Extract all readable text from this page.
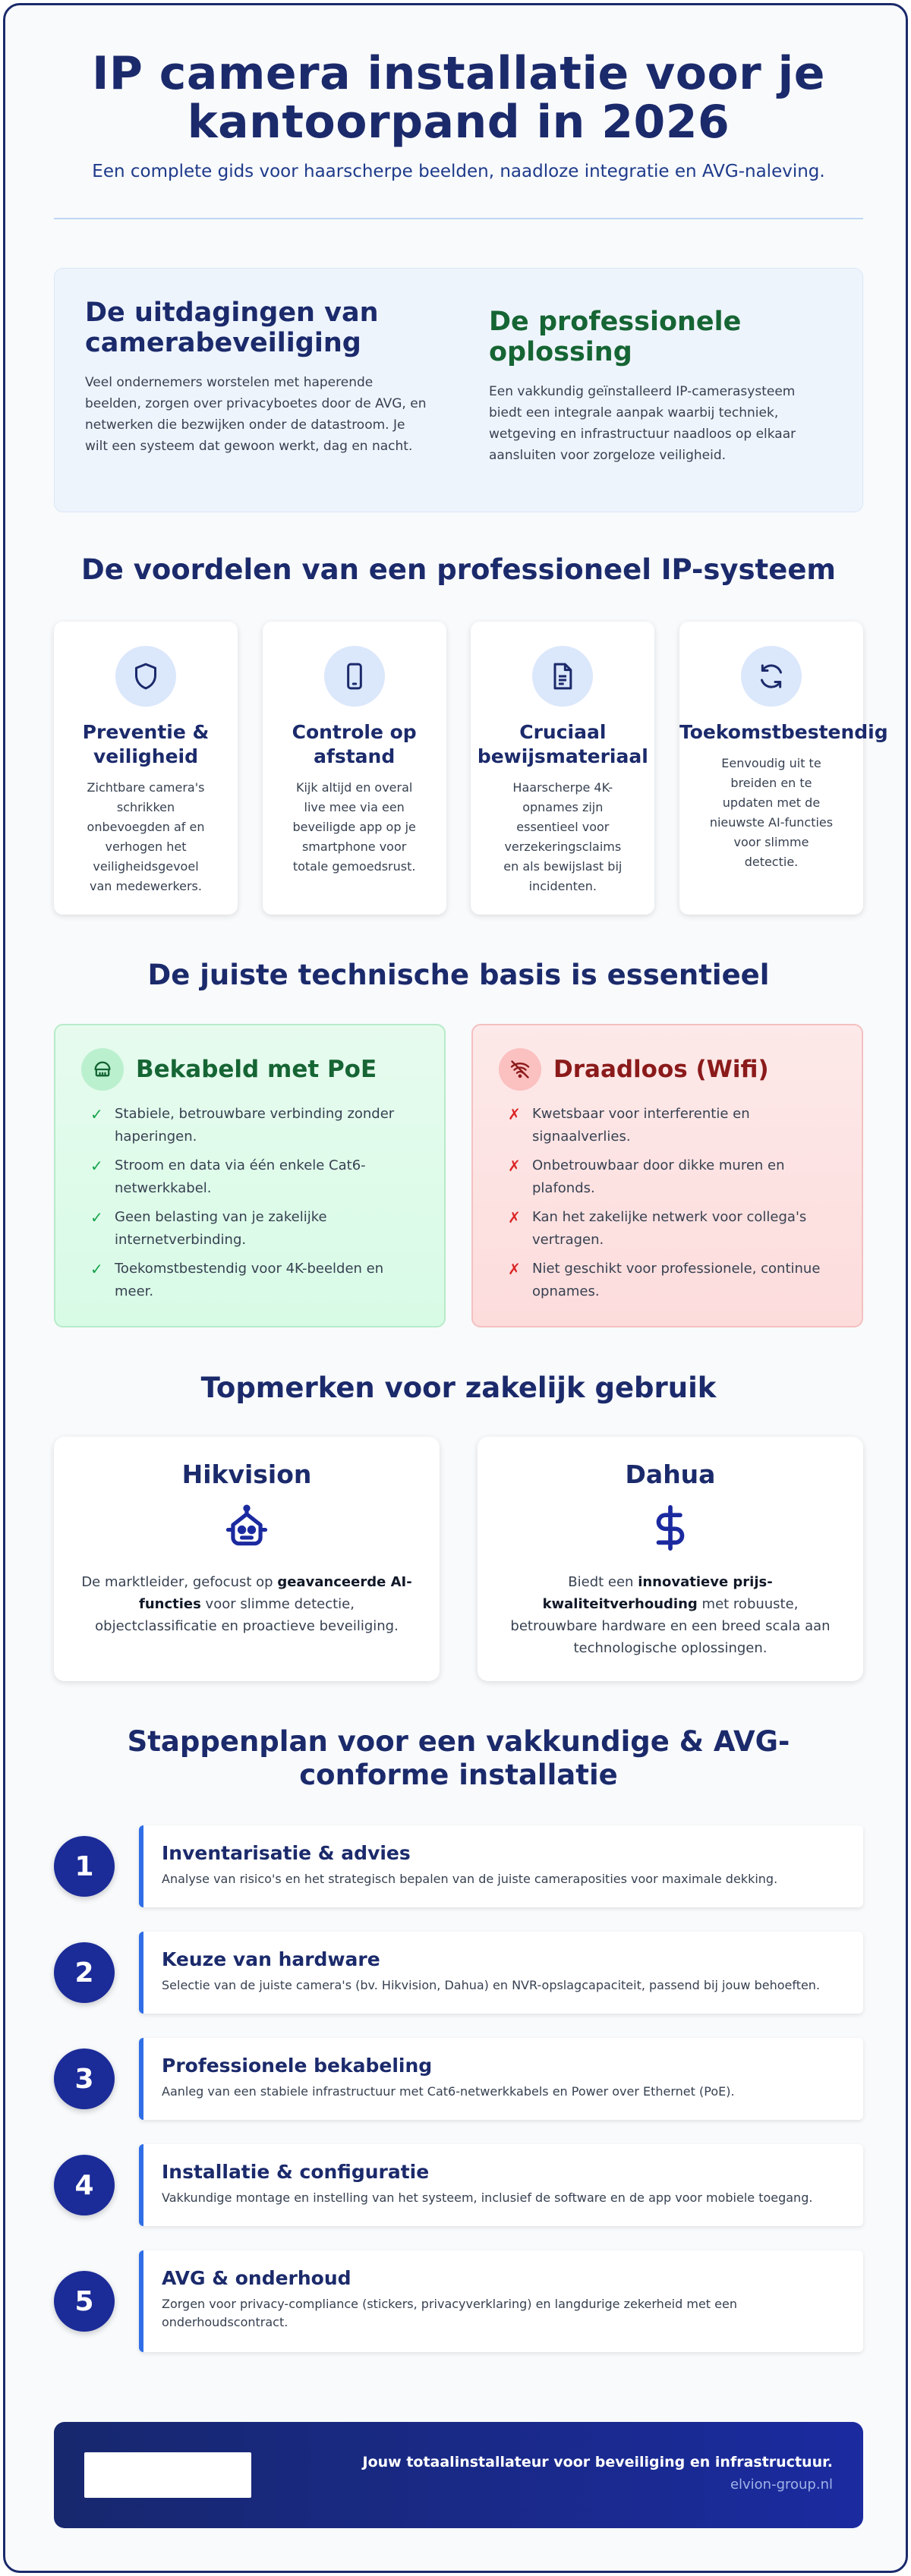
IP camera installatie voor je kantoorpand in 2026

Een complete gids voor haarscherpe beelden, naadloze integratie en AVG-naleving.

De uitdagingen van camerabeveiliging

Veel ondernemers worstelen met haperende beelden, zorgen over privacyboetes door de AVG, en netwerken die bezwijken onder de datastroom. Je wilt een systeem dat gewoon werkt, dag en nacht.

De professionele oplossing

Een vakkundig geïnstalleerd IP-camerasysteem biedt een integrale aanpak waarbij techniek, wetgeving en infrastructuur naadloos op elkaar aansluiten voor zorgeloze veiligheid.

De voordelen van een professioneel IP-systeem
Preventie & veiligheid

Zichtbare camera's schrikken onbevoegden af en verhogen het veiligheidsgevoel van medewerkers.

Controle op afstand

Kijk altijd en overal live mee via een beveiligde app op je smartphone voor totale gemoedsrust.

Cruciaal bewijsmateriaal

Haarscherpe 4K-opnames zijn essentieel voor verzekeringsclaims en als bewijslast bij incidenten.

Toekomstbestendig

Eenvoudig uit te breiden en te updaten met de nieuwste AI-functies voor slimme detectie.

De juiste technische basis is essentieel
Bekabeld met PoE
✓ Stabiele, betrouwbare verbinding zonder haperingen.
✓ Stroom en data via één enkele Cat6-netwerkkabel.
✓ Geen belasting van je zakelijke internetverbinding.
✓ Toekomstbestendig voor 4K-beelden en meer.
Draadloos (Wifi)
✗ Kwetsbaar voor interferentie en signaalverlies.
✗ Onbetrouwbaar door dikke muren en plafonds.
✗ Kan het zakelijke netwerk voor collega's vertragen.
✗ Niet geschikt voor professionele, continue opnames.
Topmerken voor zakelijk gebruik
Hikvision

De marktleider, gefocust op geavanceerde AI-functies voor slimme detectie, objectclassificatie en proactieve beveiliging.

Dahua

Biedt een innovatieve prijs-kwaliteitverhouding met robuuste, betrouwbare hardware en een breed scala aan technologische oplossingen.

Stappenplan voor een vakkundige & AVG-conforme installatie
1	Inventarisatie & advies

Analyse van risico's en het strategisch bepalen van de juiste cameraposities voor maximale dekking.

2	Keuze van hardware

Selectie van de juiste camera's (bv. Hikvision, Dahua) en NVR-opslagcapaciteit, passend bij jouw behoeften.

3	Professionele bekabeling

Aanleg van een stabiele infrastructuur met Cat6-netwerkkabels en Power over Ethernet (PoE).

4	Installatie & configuratie

Vakkundige montage en instelling van het systeem, inclusief de software en de app voor mobiele toegang.

5
AVG & onderhoud

Zorgen voor privacy-compliance (stickers, privacyverklaring) en langdurige zekerheid met een onderhoudscontract.

Jouw totaalinstallateur voor beveiliging en infrastructuur.
elvion-group.nl
